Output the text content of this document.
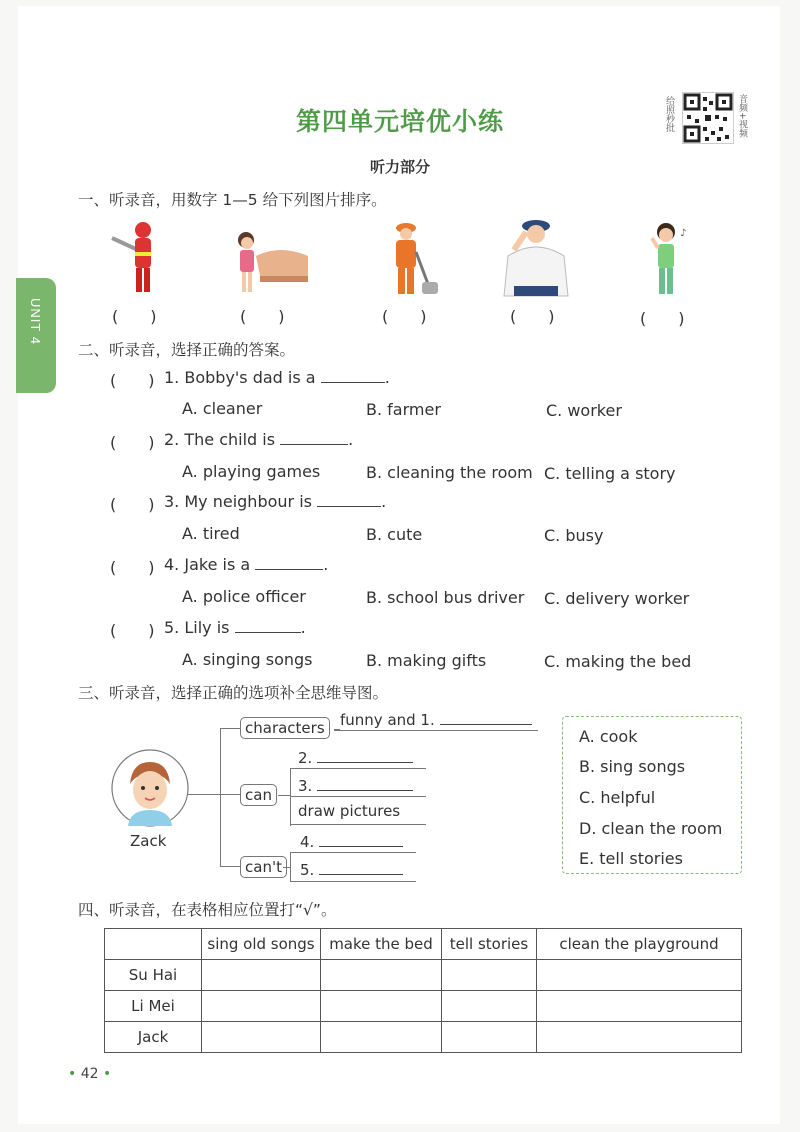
给照秒批	音频+视频
第四单元培优小练
听力部分
UNIT 4
一、听录音，用数字 1—5 给下列图片排序。
♪
(　　)	(　　)	(　　)	(　　)	(　　)
二、听录音，选择正确的答案。
(　　) 1. Bobby's dad is a	.
A. cleaner	B. farmer	C. worker
(　　) 2. The child is	.
A. playing games	B. cleaning the room C. telling a story
(　　) 3. My neighbour is	.
A. tired	B. cute	C. busy
(　　) 4. Jake is a	.
A. police officer	B. school bus driver C. delivery worker
(　　) 5. Lily is	.
A. singing songs	B. making gifts	C. making the bed
三、听录音，选择正确的选项补全思维导图。
Zack
characters	funny and 1.
can
2.
3.
draw pictures
can't
4.
5.
A. cook
B. sing songs
C. helpful
D. clean the room
E. tell stories
四、听录音，在表格相应位置打“√”。
	sing old songs	make the bed	tell stories	clean the playground
Su Hai				
Li Mei				
Jack				
• 42 •
